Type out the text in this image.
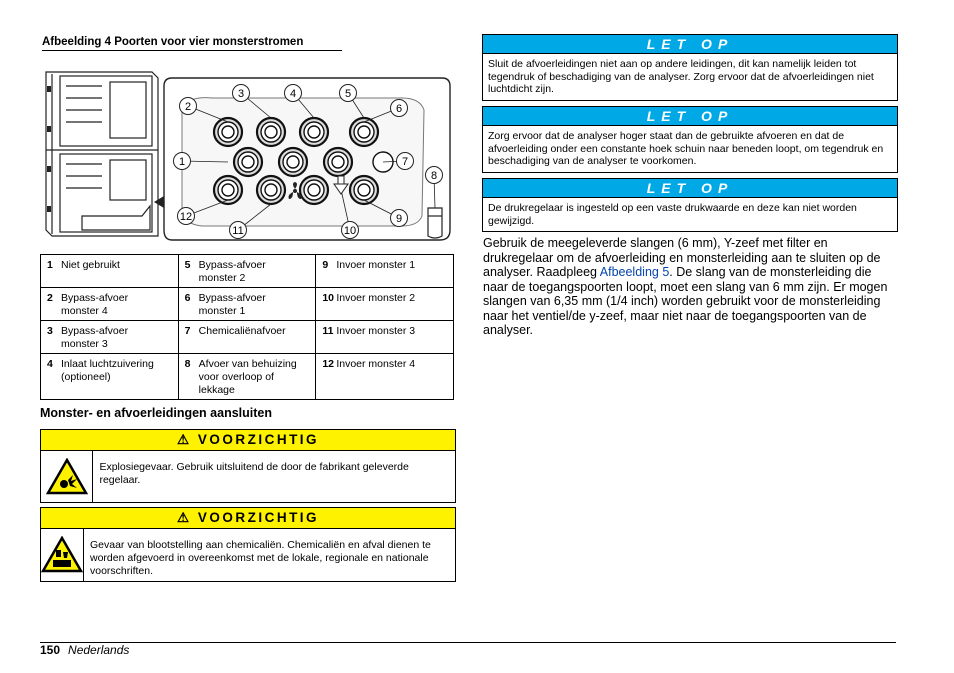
Afbeelding 4 Poorten voor vier monsterstromen
1
2
3	4	5
6
7
8
9
10
11
12
1 Niet gebruikt	5 Bypass-afvoer monster 2	9 Invoer monster 1
2 Bypass-afvoer monster 4	6 Bypass-afvoer monster 1	10 Invoer monster 2
3 Bypass-afvoer monster 3	7 Chemicaliënafvoer	11 Invoer monster 3
4 Inlaat luchtzuivering (optioneel)	8 Afvoer van behuizing voor overloop of lekkage	12 Invoer monster 4
Monster- en afvoerleidingen aansluiten
⚠ VOORZICHTIG
Explosiegevaar. Gebruik uitsluitend de door de fabrikant geleverde regelaar.
⚠ VOORZICHTIG
Gevaar van blootstelling aan chemicaliën. Chemicaliën en afval dienen te worden afgevoerd in overeenkomst met de lokale, regionale en nationale voorschriften.
LET OP
Sluit de afvoerleidingen niet aan op andere leidingen, dit kan namelijk leiden tot tegendruk of beschadiging van de analyser. Zorg ervoor dat de afvoerleidingen niet luchtdicht zijn.
LET OP
Zorg ervoor dat de analyser hoger staat dan de gebruikte afvoeren en dat de afvoerleiding onder een constante hoek schuin naar beneden loopt, om tegendruk en beschadiging van de analyser te voorkomen.
LET OP
De drukregelaar is ingesteld op een vaste drukwaarde en deze kan niet worden gewijzigd.
Gebruik de meegeleverde slangen (6 mm), Y-zeef met filter en drukregelaar om de afvoerleiding en monsterleiding aan te sluiten op de analyser. Raadpleeg Afbeelding 5. De slang van de monsterleiding die naar de toegangspoorten loopt, moet een slang van 6 mm zijn. Er mogen slangen van 6,35 mm (1/4 inch) worden gebruikt voor de monsterleiding naar het ventiel/de y-zeef, maar niet naar de toegangspoorten van de analyser.
150 Nederlands
